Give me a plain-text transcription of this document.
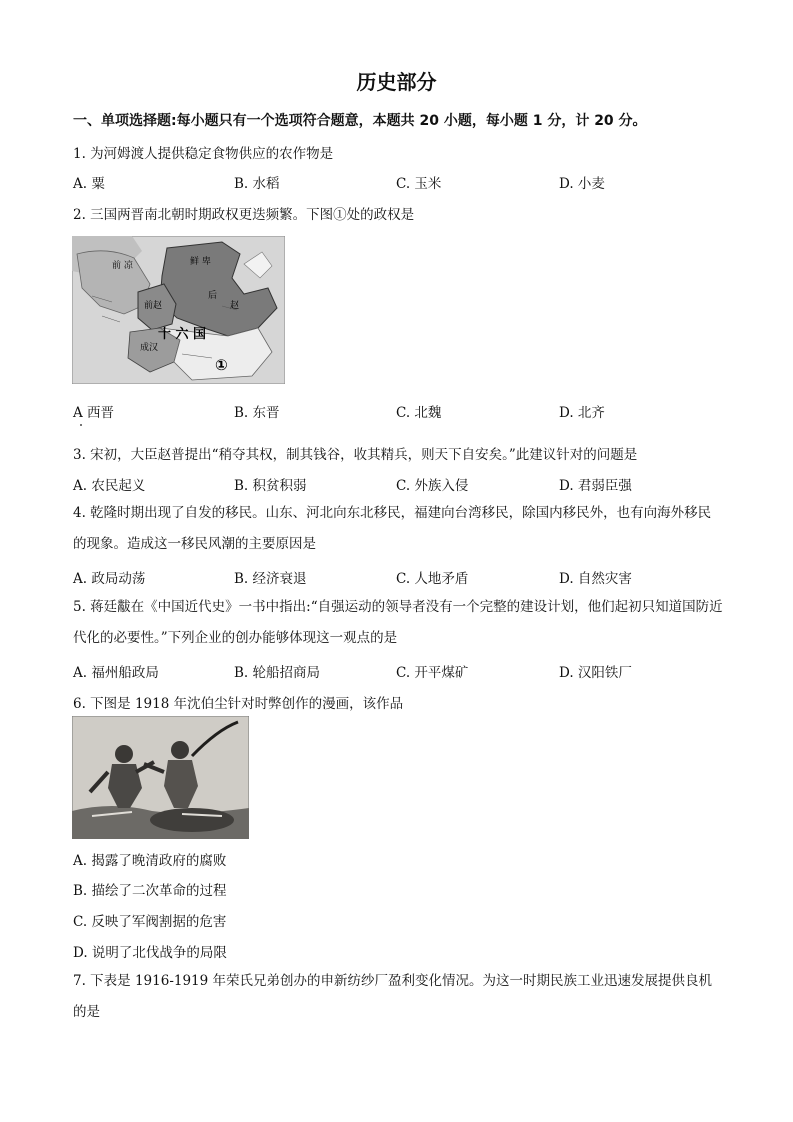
历史部分
一、单项选择题:每小题只有一个选项符合题意，本题共 20 小题，每小题 1 分，计 20 分。
1. 为河姆渡人提供稳定食物供应的农作物是
A. 粟	B. 水稻	C. 玉米	D. 小麦
2. 三国两晋南北朝时期政权更迭频繁。下图①处的政权是
鲜 卑
前 凉
前赵
后
赵
十 六 国
成汉
①
A 西晋	B. 东晋	C. 北魏	D. 北齐
3. 宋初，大臣赵普提出“稍夺其权，制其钱谷，收其精兵，则天下自安矣。”此建议针对的问题是
A. 农民起义	B. 积贫积弱	C. 外族入侵	D. 君弱臣强
4. 乾隆时期出现了自发的移民。山东、河北向东北移民，福建向台湾移民，除国内移民外，也有向海外移民的现象。造成这一移民风潮的主要原因是
A. 政局动荡	B. 经济衰退	C. 人地矛盾	D. 自然灾害
5. 蒋廷黻在《中国近代史》一书中指出:“自强运动的领导者没有一个完整的建设计划，他们起初只知道国防近代化的必要性。”下列企业的创办能够体现这一观点的是
A. 福州船政局	B. 轮船招商局	C. 开平煤矿	D. 汉阳铁厂
6. 下图是 1918 年沈伯尘针对时弊创作的漫画，该作品
A. 揭露了晚清政府的腐败
B. 描绘了二次革命的过程
C. 反映了军阀割据的危害
D. 说明了北伐战争的局限
7. 下表是 1916-1919 年荣氏兄弟创办的申新纺纱厂盈利变化情况。为这一时期民族工业迅速发展提供良机的是
